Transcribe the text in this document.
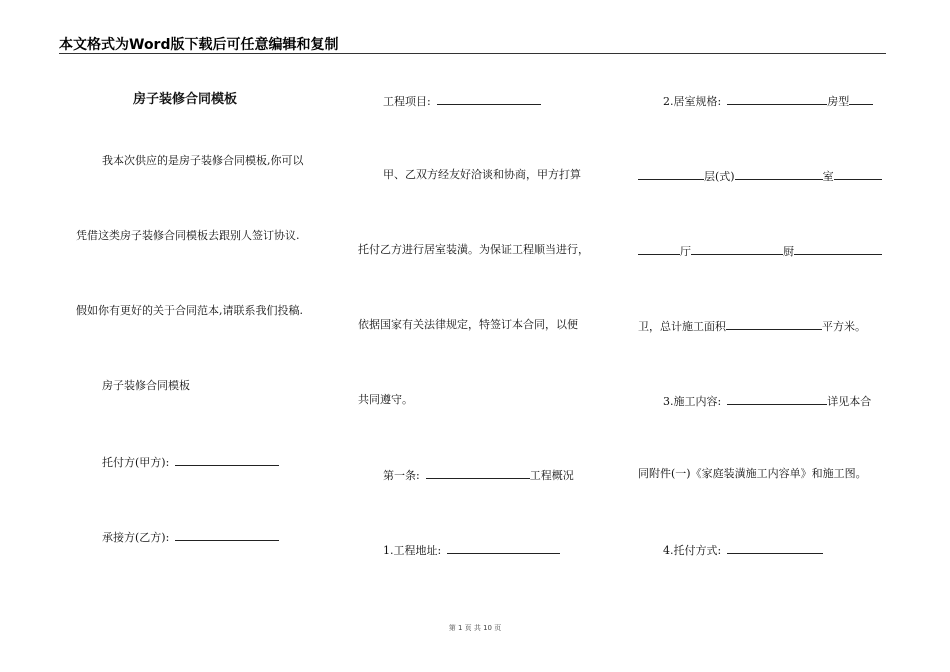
本文格式为Word版下载后可任意编辑和复制
房子装修合同模板
我本次供应的是房子装修合同模板,你可以
凭借这类房子装修合同模板去跟别人签订协议.
假如你有更好的关于合同范本,请联系我们投稿.
房子装修合同模板
托付方(甲方):
承接方(乙方):
工程项目:
甲、乙双方经友好洽谈和协商，甲方打算
托付乙方进行居室装潢。为保证工程顺当进行，
依据国家有关法律规定，特签订本合同，以便
共同遵守。
第一条:	工程概况
1.工程地址:
2.居室规格:	房型
层(式)	室
厅	厨
卫，总计施工面积	平方米。
3.施工内容:	详见本合
同附件(一)《家庭装潢施工内容单》和施工图。
4.托付方式:
第 1 页 共 10 页
